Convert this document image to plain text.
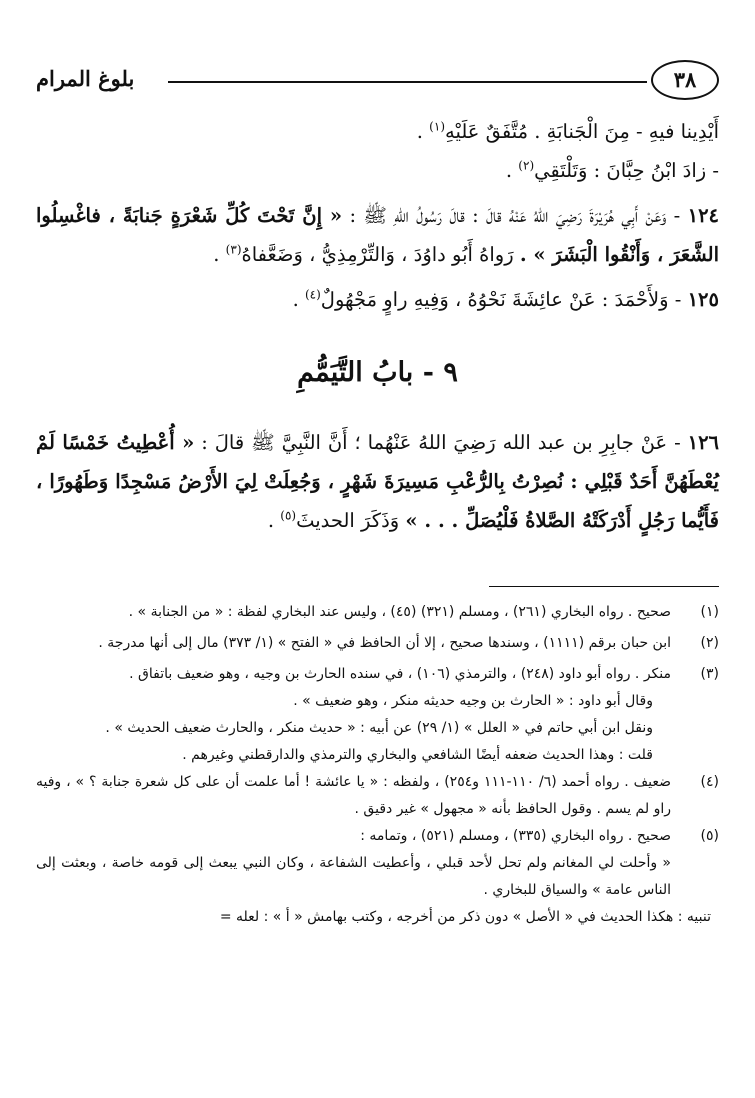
٣٨
بلوغ المرام

أَيْدِينا فيهِ - مِنَ الْجَنابَةِ . مُتَّفَقٌ عَلَيْهِ$^{(١)}$ .

- زادَ ابْنُ حِبَّانَ : وَتَلْتَقِي$^{(٢)}$ .

١٢٤ - وَعَنْ أَبِي هُرَيْرَةَ رَضِيَ اللهُ عَنْهُ قالَ : قالَ رَسُولُ اللهِ ﷺ : « إِنَّ تَحْتَ كُلِّ شَعْرَةٍ جَنابَةً ، فاغْسِلُوا الشَّعَرَ ، وَأَنْقُوا الْبَشَرَ » . رَواهُ أَبُو داوُدَ ، وَالتِّرْمِذِيُّ ، وَضَعَّفاهُ$^{(٣)}$ .

١٢٥ - وَلأَحْمَدَ : عَنْ عائِشَةَ نَحْوُهُ ، وَفِيهِ راوٍ مَجْهُولٌ$^{(٤)}$ .

٩ - بابُ التَّيَمُّمِ

١٢٦ - عَنْ جابِرِ بن عبد الله رَضِيَ اللهُ عَنْهُما ؛ أَنَّ النَّبِيَّ ﷺ قالَ : « أُعْطِيتُ خَمْسًا لَمْ يُعْطَهُنَّ أَحَدٌ قَبْلِي : نُصِرْتُ بِالرُّعْبِ مَسِيرَةَ شَهْرٍ ، وَجُعِلَتْ لِيَ الأَرْضُ مَسْجِدًا وَطَهُورًا ، فَأَيُّما رَجُلٍ أَدْرَكَتْهُ الصَّلاةُ فَلْيُصَلِّ . . . » وَذَكَرَ الحديثَ$^{(٥)}$ .

(١)
صحيح . رواه البخاري (٢٦١) ، ومسلم (٣٢١) (٤٥) ، وليس عند البخاري لفظة : « من الجنابة » .
(٢)
ابن حبان برقم (١١١١) ، وسندها صحيح ، إلا أن الحافظ في « الفتح » (١/ ٣٧٣) مال إلى أنها مدرجة .
(٣)
منكر . رواه أبو داود (٢٤٨) ، والترمذي (١٠٦) ، في سنده الحارث بن وجيه ، وهو ضعيف باتفاق .
وقال أبو داود : « الحارث بن وجيه حديثه منكر ، وهو ضعيف » .
ونقل ابن أبي حاتم في « العلل » (١/ ٢٩) عن أبيه : « حديث منكر ، والحارث ضعيف الحديث » .
قلت : وهذا الحديث ضعفه أيضًا الشافعي والبخاري والترمذي والدارقطني وغيرهم .
(٤)
ضعيف . رواه أحمد (٦/ ١١٠-١١١ و٢٥٤) ، ولفظه : « يا عائشة ! أما علمت أن على كل شعرة جنابة ؟ » ، وفيه راو لم يسم . وقول الحافظ بأنه « مجهول » غير دقيق .
(٥)
صحيح . رواه البخاري (٣٣٥) ، ومسلم (٥٢١) ، وتمامه :
« وأحلت لي المغانم ولم تحل لأحد قبلي ، وأعطيت الشفاعة ، وكان النبي يبعث إلى قومه خاصة ، وبعثت إلى الناس عامة » والسياق للبخاري .
تنبيه : هكذا الحديث في « الأصل » دون ذكر من أخرجه ، وكتب بهامش « أ » : لعله =
